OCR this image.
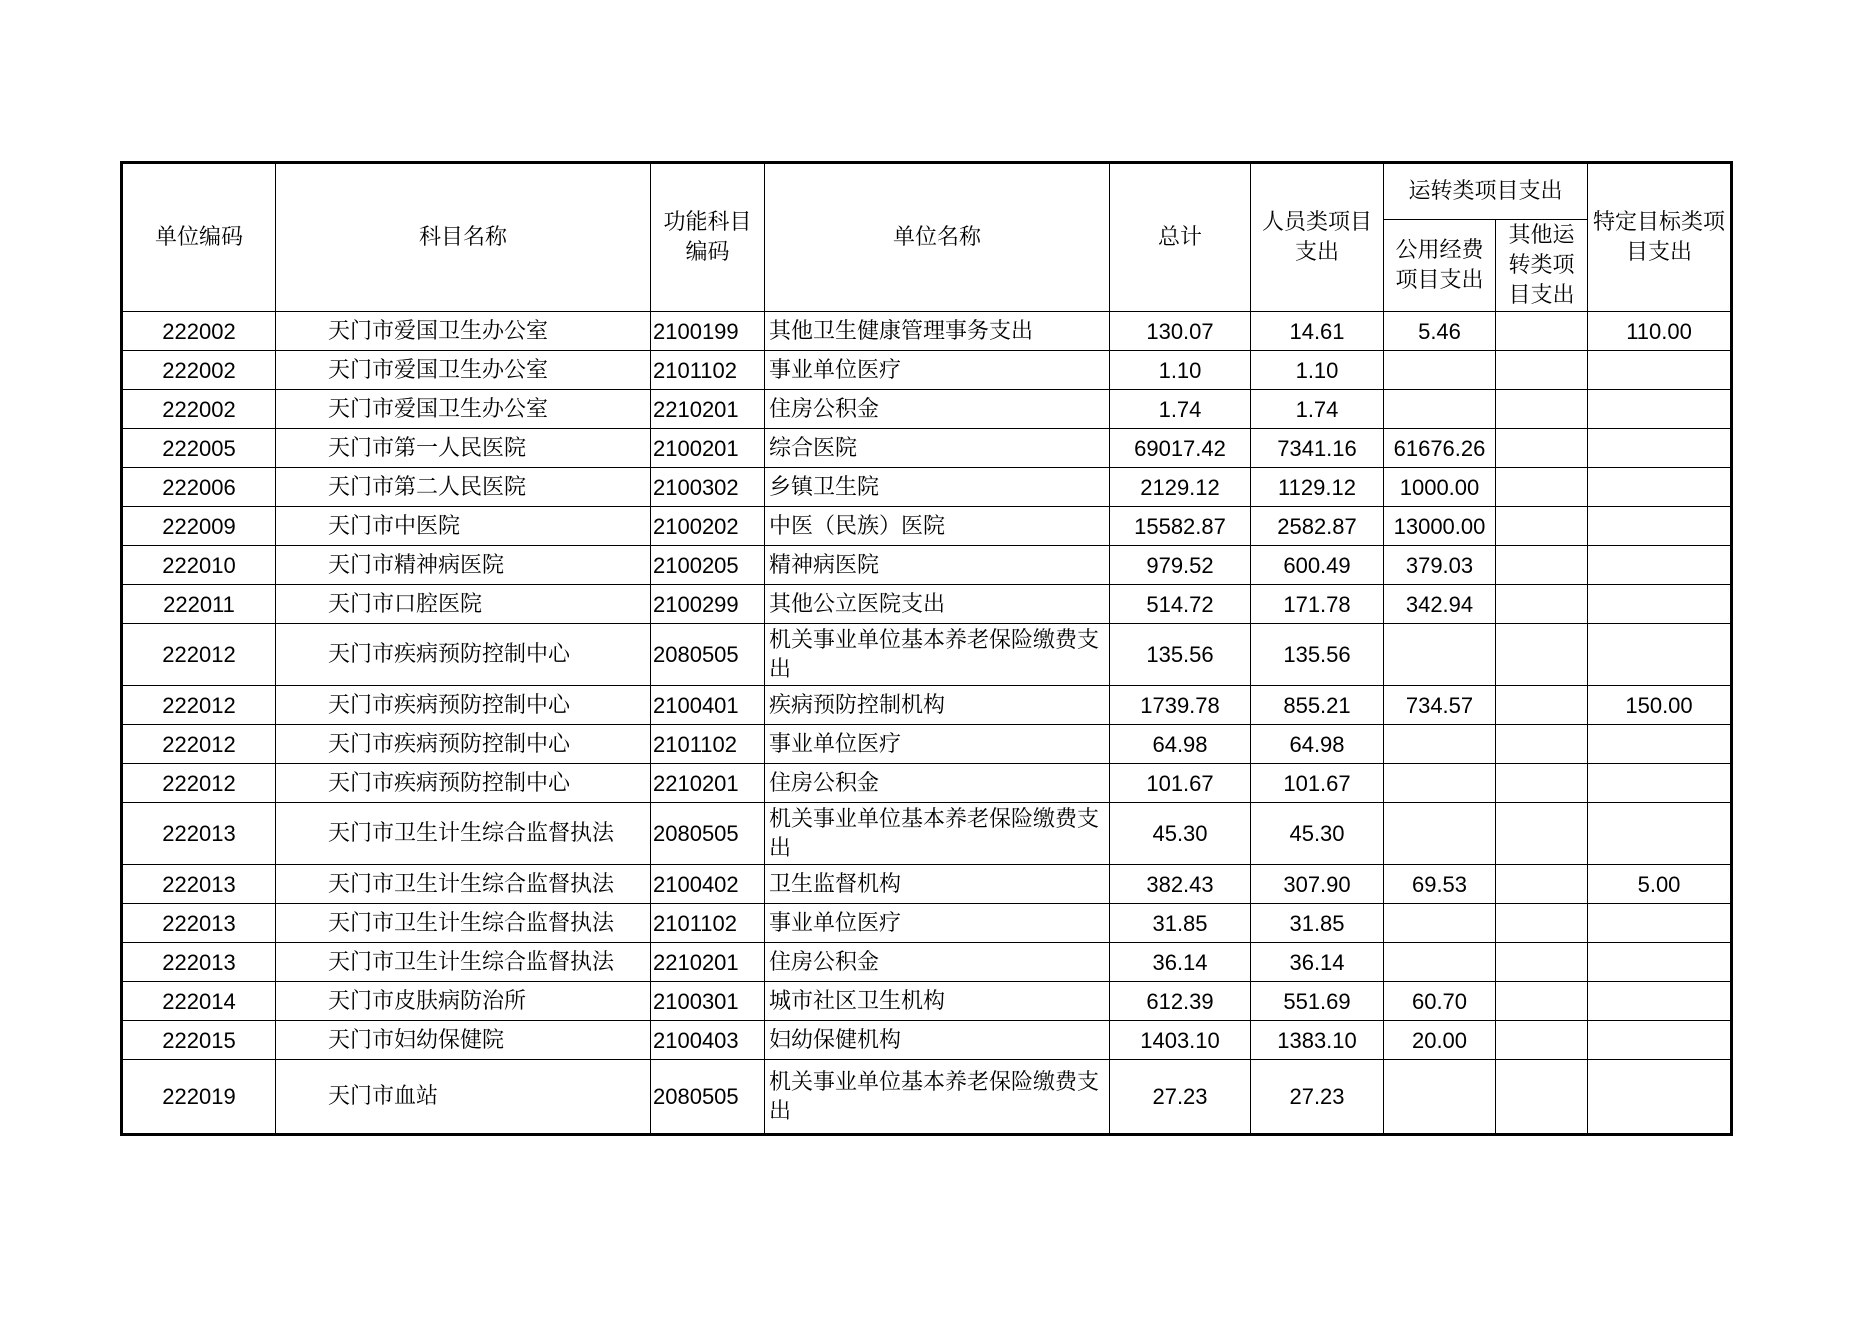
单位编码	科目名称	功能科目编码	单位名称	总计	人员类项目支出	运转类项目支出		特定目标类项目支出
						公用经费项目支出	其他运转类项目支出	
222002	天门市爱国卫生办公室	2100199	其他卫生健康管理事务支出	130.07	14.61	5.46		110.00
222002	天门市爱国卫生办公室	2101102	事业单位医疗	1.10	1.10			
222002	天门市爱国卫生办公室	2210201	住房公积金	1.74	1.74			
222005	天门市第一人民医院	2100201	综合医院	69017.42	7341.16	61676.26		
222006	天门市第二人民医院	2100302	乡镇卫生院	2129.12	1129.12	1000.00		
222009	天门市中医院	2100202	中医（民族）医院	15582.87	2582.87	13000.00		
222010	天门市精神病医院	2100205	精神病医院	979.52	600.49	379.03		
222011	天门市口腔医院	2100299	其他公立医院支出	514.72	171.78	342.94		
222012	天门市疾病预防控制中心	2080505	机关事业单位基本养老保险缴费支出	135.56	135.56			
222012	天门市疾病预防控制中心	2100401	疾病预防控制机构	1739.78	855.21	734.57		150.00
222012	天门市疾病预防控制中心	2101102	事业单位医疗	64.98	64.98			
222012	天门市疾病预防控制中心	2210201	住房公积金	101.67	101.67			
222013	天门市卫生计生综合监督执法	2080505	机关事业单位基本养老保险缴费支出	45.30	45.30			
222013	天门市卫生计生综合监督执法	2100402	卫生监督机构	382.43	307.90	69.53		5.00
222013	天门市卫生计生综合监督执法	2101102	事业单位医疗	31.85	31.85			
222013	天门市卫生计生综合监督执法	2210201	住房公积金	36.14	36.14			
222014	天门市皮肤病防治所	2100301	城市社区卫生机构	612.39	551.69	60.70		
222015	天门市妇幼保健院	2100403	妇幼保健机构	1403.10	1383.10	20.00		
222019	天门市血站	2080505	机关事业单位基本养老保险缴费支出	27.23	27.23			
